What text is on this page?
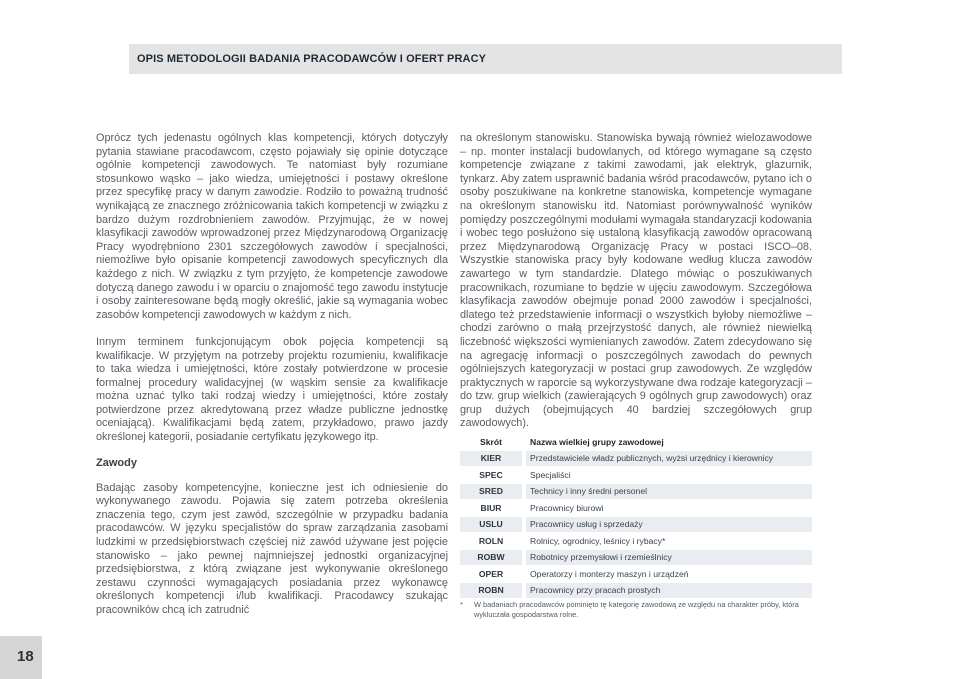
OPIS METODOLOGII BADANIA PRACODAWCÓW I OFERT PRACY

Oprócz tych jedenastu ogólnych klas kompetencji, których dotyczyły pytania stawiane pracodawcom, często pojawiały się opinie dotyczące ogólnie kompetencji zawodowych. Te natomiast były rozumiane stosunkowo wąsko – jako wiedza, umiejętności i postawy określone przez specyfikę pracy w danym zawodzie. Rodziło to poważną trudność wynikającą ze znacznego zróżnicowania takich kompetencji w związku z bardzo dużym rozdrobnieniem zawodów. Przyjmując, że w nowej klasyfikacji zawodów wprowadzonej przez Międzynarodową Organizację Pracy wyodrębniono 2301 szczegółowych zawodów i specjalności, niemożliwe było opisanie kompetencji zawodowych specyficznych dla każdego z nich. W związku z tym przyjęto, że kompetencje zawodowe dotyczą danego zawodu i w oparciu o znajomość tego zawodu instytucje i osoby zainteresowane będą mogły określić, jakie są wymagania wobec zasobów kompetencji zawodowych w każdym z nich.

Innym terminem funkcjonującym obok pojęcia kompetencji są kwalifikacje. W przyjętym na potrzeby projektu rozumieniu, kwalifikacje to taka wiedza i umiejętności, które zostały potwierdzone w procesie formalnej procedury walidacyjnej (w wąskim sensie za kwalifikacje można uznać tylko taki rodzaj wiedzy i umiejętności, które zostały potwierdzone przez akredytowaną przez władze publiczne jednostkę oceniającą). Kwalifikacjami będą zatem, przykładowo, prawo jazdy określonej kategorii, posiadanie certyfikatu językowego itp.

Zawody

Badając zasoby kompetencyjne, konieczne jest ich odniesienie do wykonywanego zawodu. Pojawia się zatem potrzeba określenia znaczenia tego, czym jest zawód, szczególnie w przypadku badania pracodawców. W języku specjalistów do spraw zarządzania zasobami ludzkimi w przedsiębiorstwach częściej niż zawód używane jest pojęcie stanowisko – jako pewnej najmniejszej jednostki organizacyjnej przedsiębiorstwa, z którą związane jest wykonywanie określonego zestawu czynności wymagających posiadania przez wykonawcę określonych kompetencji i/lub kwalifikacji. Pracodawcy szukając pracowników chcą ich zatrudnić

na określonym stanowisku. Stanowiska bywają również wielozawodowe – np. monter instalacji budowlanych, od którego wymagane są często kompetencje związane z takimi zawodami, jak elektryk, glazurnik, tynkarz. Aby zatem usprawnić badania wśród pracodawców, pytano ich o osoby poszukiwane na konkretne stanowiska, kompetencje wymagane na określonym stanowisku itd. Natomiast porównywalność wyników pomiędzy poszczególnymi modułami wymagała standaryzacji kodowania i wobec tego posłużono się ustaloną klasyfikacją zawodów opracowaną przez Międzynarodową Organizację Pracy w postaci ISCO–08. Wszystkie stanowiska pracy były kodowane według klucza zawodów zawartego w tym standardzie. Dlatego mówiąc o poszukiwanych pracownikach, rozumiane to będzie w ujęciu zawodowym. Szczegółowa klasyfikacja zawodów obejmuje ponad 2000 zawodów i specjalności, dlatego też przedstawienie informacji o wszystkich byłoby niemożliwe – chodzi zarówno o małą przejrzystość danych, ale również niewielką liczebność większości wymienianych zawodów. Zatem zdecydowano się na agregację informacji o poszczególnych zawodach do pewnych ogólniejszych kategoryzacji w postaci grup zawodowych. Ze względów praktycznych w raporcie są wykorzystywane dwa rodzaje kategoryzacji – do tzw. grup wielkich (zawierających 9 ogólnych grup zawodowych) oraz grup dużych (obejmujących 40 bardziej szczegółowych grup zawodowych).

Skrót		Nazwa wielkiej grupy zawodowej
KIER		Przedstawiciele władz publicznych, wyżsi urzędnicy i kierownicy
SPEC		Specjaliści
SRED		Technicy i inny średni personel
BIUR		Pracownicy biurowi
USLU		Pracownicy usług i sprzedaży
ROLN		Rolnicy, ogrodnicy, leśnicy i rybacy*
ROBW		Robotnicy przemysłowi i rzemieślnicy
OPER		Operatorzy i monterzy maszyn i urządzeń
ROBN		Pracownicy przy pracach prostych
*	W badaniach pracodawców pominięto tę kategorię zawodową ze względu na charakter próby, która wykluczała gospodarstwa rolne.
18
